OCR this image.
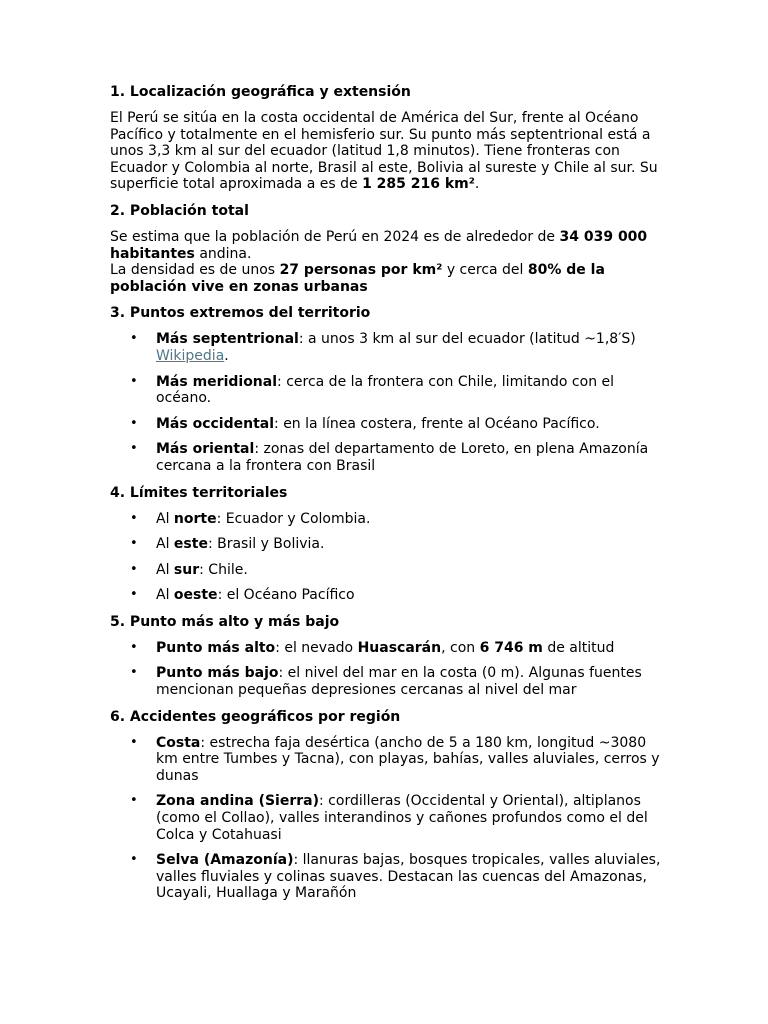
1. Localización geográfica y extensión

El Perú se sitúa en la costa occidental de América del Sur, frente al Océano Pacífico y totalmente en el hemisferio sur. Su punto más septentrional está a unos 3,3 km al sur del ecuador (latitud 1,8 minutos). Tiene fronteras con Ecuador y Colombia al norte, Brasil al este, Bolivia al sureste y Chile al sur. Su superficie total aproximada a es de 1 285 216 km².

2. Población total

Se estima que la población de Perú en 2024 es de alrededor de 34 039 000 habitantes andina.

La densidad es de unos 27 personas por km² y cerca del 80% de la población vive en zonas urbanas

3. Puntos extremos del territorio
• Más septentrional: a unos 3 km al sur del ecuador (latitud ~1,8′S) Wikipedia.
• Más meridional: cerca de la frontera con Chile, limitando con el océano.
• Más occidental: en la línea costera, frente al Océano Pacífico.
• Más oriental: zonas del departamento de Loreto, en plena Amazonía cercana a la frontera con Brasil
4. Límites territoriales
• Al norte: Ecuador y Colombia.
• Al este: Brasil y Bolivia.
• Al sur: Chile.
• Al oeste: el Océano Pacífico
5. Punto más alto y más bajo
• Punto más alto: el nevado Huascarán, con 6 746 m de altitud
• Punto más bajo: el nivel del mar en la costa (0 m). Algunas fuentes mencionan pequeñas depresiones cercanas al nivel del mar
6. Accidentes geográficos por región
• Costa: estrecha faja desértica (ancho de 5 a 180 km, longitud ~3080 km entre Tumbes y Tacna), con playas, bahías, valles aluviales, cerros y dunas
• Zona andina (Sierra): cordilleras (Occidental y Oriental), altiplanos (como el Collao), valles interandinos y cañones profundos como el del Colca y Cotahuasi
• Selva (Amazonía): llanuras bajas, bosques tropicales, valles aluviales, valles fluviales y colinas suaves. Destacan las cuencas del Amazonas, Ucayali, Huallaga y Marañón
